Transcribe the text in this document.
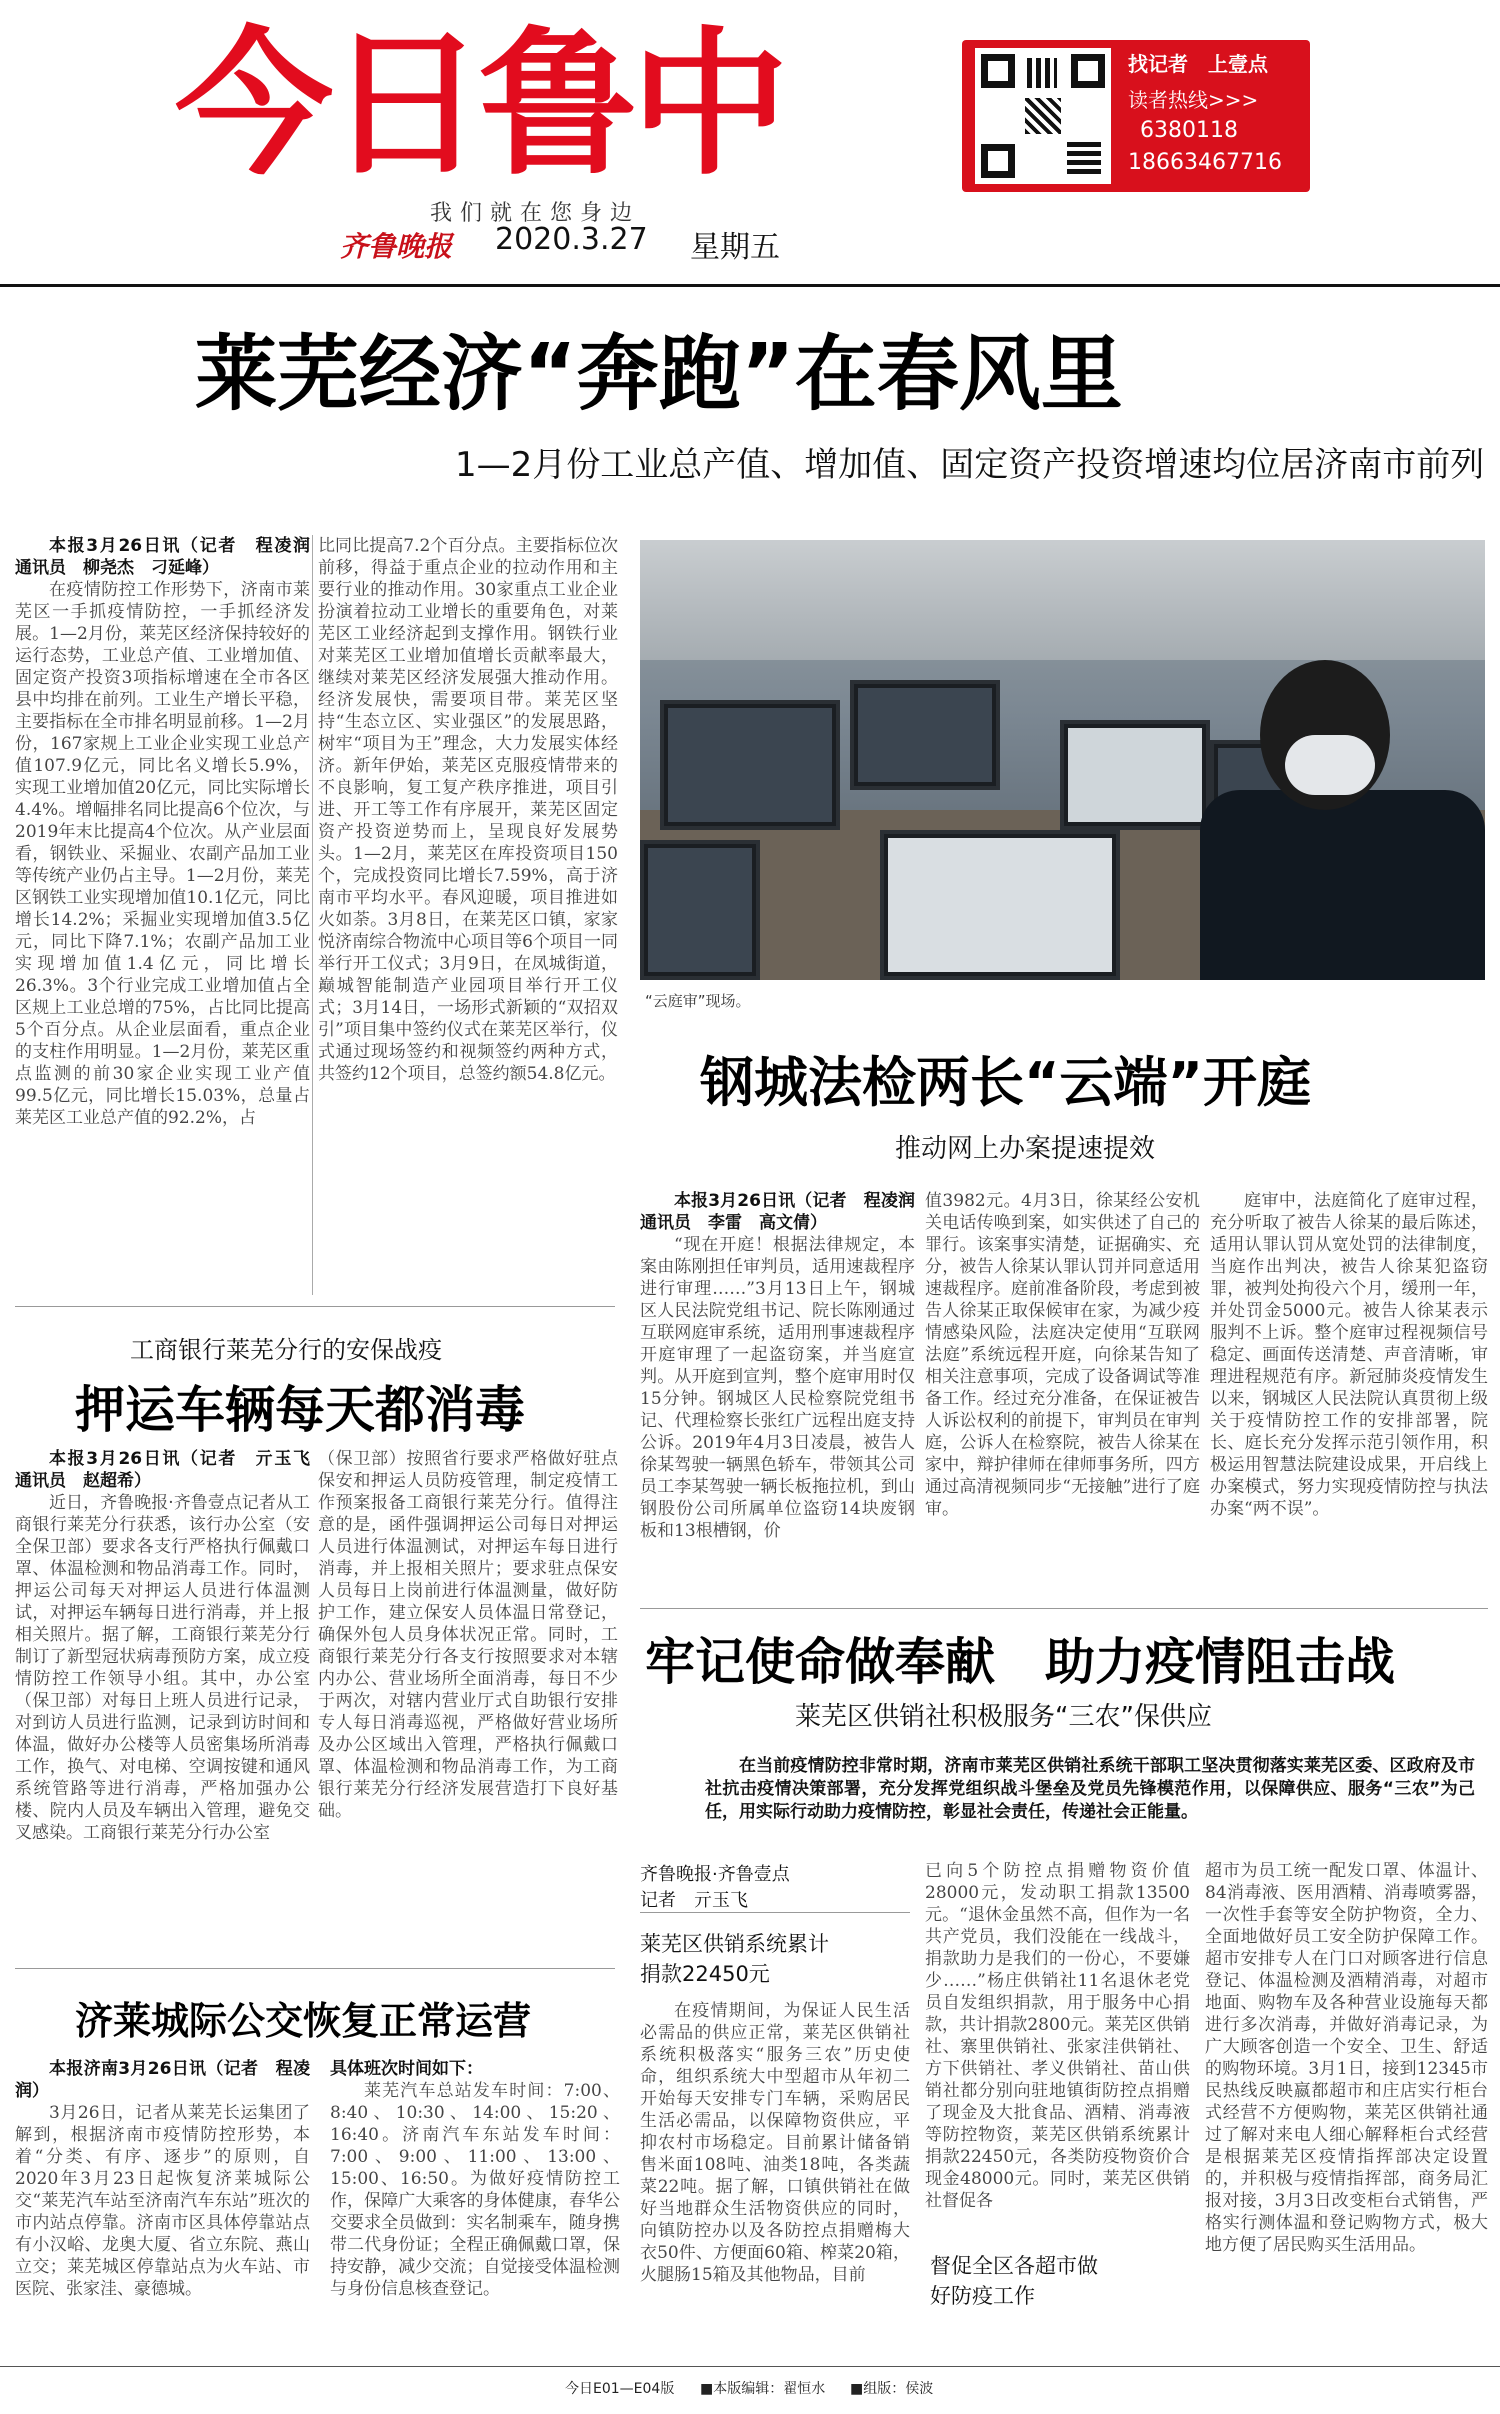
今日鲁中
我们就在您身边
齐鲁晚报 2020.3.27 星期五
找记者　上壹点
读者热线>>>
6380118
18663467716
莱芜经济“奔跑”在春风里
1—2月份工业总产值、增加值、固定资产投资增速均位居济南市前列

本报3月26日讯（记者　程凌润　通讯员　柳尧杰　刁延峰）

在疫情防控工作形势下，济南市莱芜区一手抓疫情防控，一手抓经济发展。1—2月份，莱芜区经济保持较好的运行态势，工业总产值、工业增加值、固定资产投资3项指标增速在全市各区县中均排在前列。工业生产增长平稳，主要指标在全市排名明显前移。1—2月份，167家规上工业企业实现工业总产值107.9亿元，同比名义增长5.9%，实现工业增加值20亿元，同比实际增长4.4%。增幅排名同比提高6个位次，与2019年末比提高4个位次。从产业层面看，钢铁业、采掘业、农副产品加工业等传统产业仍占主导。1—2月份，莱芜区钢铁工业实现增加值10.1亿元，同比增长14.2%；采掘业实现增加值3.5亿元，同比下降7.1%；农副产品加工业实现增加值1.4亿元，同比增长26.3%。3个行业完成工业增加值占全区规上工业总增的75%，占比同比提高5个百分点。从企业层面看，重点企业的支柱作用明显。1—2月份，莱芜区重点监测的前30家企业实现工业产值99.5亿元，同比增长15.03%，总量占莱芜区工业总产值的92.2%，占

比同比提高7.2个百分点。主要指标位次前移，得益于重点企业的拉动作用和主要行业的推动作用。30家重点工业企业扮演着拉动工业增长的重要角色，对莱芜区工业经济起到支撑作用。钢铁行业对莱芜区工业增加值增长贡献率最大，继续对莱芜区经济发展强大推动作用。经济发展快，需要项目带。莱芜区坚持“生态立区、实业强区”的发展思路，树牢“项目为王”理念，大力发展实体经济。新年伊始，莱芜区克服疫情带来的不良影响，复工复产秩序推进，项目引进、开工等工作有序展开，莱芜区固定资产投资逆势而上，呈现良好发展势头。1—2月，莱芜区在库投资项目150个，完成投资同比增长7.59%，高于济南市平均水平。春风迎暖，项目推进如火如荼。3月8日，在莱芜区口镇，家家悦济南综合物流中心项目等6个项目一同举行开工仪式；3月9日，在凤城街道，巅城智能制造产业园项目举行开工仪式；3月14日，一场形式新颖的“双招双引”项目集中签约仪式在莱芜区举行，仪式通过现场签约和视频签约两种方式，共签约12个项目，总签约额54.8亿元。

“云庭审”现场。
钢城法检两长“云端”开庭
推动网上办案提速提效

本报3月26日讯（记者　程凌润　通讯员　李雷　高文倩）

“现在开庭！根据法律规定，本案由陈刚担任审判员，适用速裁程序进行审理……”3月13日上午，钢城区人民法院党组书记、院长陈刚通过互联网庭审系统，适用刑事速裁程序开庭审理了一起盗窃案，并当庭宣判。从开庭到宣判，整个庭审用时仅15分钟。钢城区人民检察院党组书记、代理检察长张红广远程出庭支持公诉。2019年4月3日凌晨，被告人徐某驾驶一辆黑色轿车，带领其公司员工李某驾驶一辆长板拖拉机，到山钢股份公司所属单位盗窃14块废钢板和13根槽钢，价

值3982元。4月3日，徐某经公安机关电话传唤到案，如实供述了自己的罪行。该案事实清楚，证据确实、充分，被告人徐某认罪认罚并同意适用速裁程序。庭前准备阶段，考虑到被告人徐某正取保候审在家，为减少疫情感染风险，法庭决定使用“互联网法庭”系统远程开庭，向徐某告知了相关注意事项，完成了设备调试等准备工作。经过充分准备，在保证被告人诉讼权利的前提下，审判员在审判庭，公诉人在检察院，被告人徐某在家中，辩护律师在律师事务所，四方通过高清视频同步“无接触”进行了庭审。

庭审中，法庭简化了庭审过程，充分听取了被告人徐某的最后陈述，适用认罪认罚从宽处罚的法律制度，当庭作出判决，被告人徐某犯盗窃罪，被判处拘役六个月，缓刑一年，并处罚金5000元。被告人徐某表示服判不上诉。整个庭审过程视频信号稳定、画面传送清楚、声音清晰，审理进程规范有序。新冠肺炎疫情发生以来，钢城区人民法院认真贯彻上级关于疫情防控工作的安排部署，院长、庭长充分发挥示范引领作用，积极运用智慧法院建设成果，开启线上办案模式，努力实现疫情防控与执法办案“两不误”。

工商银行莱芜分行的安保战疫
押运车辆每天都消毒

本报3月26日讯（记者　亓玉飞　通讯员　赵超希）

近日，齐鲁晚报·齐鲁壹点记者从工商银行莱芜分行获悉，该行办公室（安全保卫部）要求各支行严格执行佩戴口罩、体温检测和物品消毒工作。同时，押运公司每天对押运人员进行体温测试，对押运车辆每日进行消毒，并上报相关照片。据了解，工商银行莱芜分行制订了新型冠状病毒预防方案，成立疫情防控工作领导小组。其中，办公室（保卫部）对每日上班人员进行记录，对到访人员进行监测，记录到访时间和体温，做好办公楼等人员密集场所消毒工作，换气、对电梯、空调按键和通风系统管路等进行消毒，严格加强办公楼、院内人员及车辆出入管理，避免交叉感染。工商银行莱芜分行办公室

（保卫部）按照省行要求严格做好驻点保安和押运人员防疫管理，制定疫情工作预案报备工商银行莱芜分行。值得注意的是，函件强调押运公司每日对押运人员进行体温测试，对押运车每日进行消毒，并上报相关照片；要求驻点保安人员每日上岗前进行体温测量，做好防护工作，建立保安人员体温日常登记，确保外包人员身体状况正常。同时，工商银行莱芜分行各支行按照要求对本辖内办公、营业场所全面消毒，每日不少于两次，对辖内营业厅式自助银行安排专人每日消毒巡视，严格做好营业场所及办公区域出入管理，严格执行佩戴口罩、体温检测和物品消毒工作，为工商银行莱芜分行经济发展营造打下良好基础。

济莱城际公交恢复正常运营

本报济南3月26日讯（记者　程凌润）

3月26日，记者从莱芜长运集团了解到，根据济南市疫情防控形势，本着“分类、有序、逐步”的原则，自2020年3月23日起恢复济莱城际公交“莱芜汽车站至济南汽车东站”班次的市内站点停靠。济南市区具体停靠站点有小汉峪、龙奥大厦、省立东院、燕山立交；莱芜城区停靠站点为火车站、市医院、张家洼、豪德城。

具体班次时间如下：

莱芜汽车总站发车时间：7:00、8:40、10:30、14:00、15:20、16:40。济南汽车东站发车时间：7:00、9:00、11:00、13:00、15:00、16:50。为做好疫情防控工作，保障广大乘客的身体健康，春华公交要求全员做到：实名制乘车，随身携带二代身份证；全程正确佩戴口罩，保持安静，减少交流；自觉接受体温检测与身份信息核查登记。

牢记使命做奉献　助力疫情阻击战
莱芜区供销社积极服务“三农”保供应

在当前疫情防控非常时期，济南市莱芜区供销社系统干部职工坚决贯彻落实莱芜区委、区政府及市社抗击疫情决策部署，充分发挥党组织战斗堡垒及党员先锋模范作用，以保障供应、服务“三农”为己任，用实际行动助力疫情防控，彰显社会责任，传递社会正能量。

齐鲁晚报·齐鲁壹点
记者　亓玉飞
莱芜区供销系统累计捐款22450元

在疫情期间，为保证人民生活必需品的供应正常，莱芜区供销社系统积极落实“服务三农”历史使命，组织系统大中型超市从年初二开始每天安排专门车辆，采购居民生活必需品，以保障物资供应，平抑农村市场稳定。目前累计储备销售米面108吨、油类18吨，各类蔬菜22吨。据了解，口镇供销社在做好当地群众生活物资供应的同时，向镇防控办以及各防控点捐赠梅大衣50件、方便面60箱、榨菜20箱，火腿肠15箱及其他物品，目前

已向5个防控点捐赠物资价值28000元，发动职工捐款13500元。“退休金虽然不高，但作为一名共产党员，我们没能在一线战斗，捐款助力是我们的一份心，不要嫌少……”杨庄供销社11名退休老党员自发组织捐款，用于服务中心捐款，共计捐款2800元。莱芜区供销社、寨里供销社、张家洼供销社、方下供销社、孝义供销社、苗山供销社都分别向驻地镇街防控点捐赠了现金及大批食品、酒精、消毒液等防控物资，莱芜区供销系统累计捐款22450元，各类防疫物资价合现金48000元。同时，莱芜区供销社督促各

督促全区各超市做好防疫工作

超市为员工统一配发口罩、体温计、84消毒液、医用酒精、消毒喷雾器，一次性手套等安全防护物资，全力、全面地做好员工安全防护保障工作。超市安排专人在门口对顾客进行信息登记、体温检测及酒精消毒，对超市地面、购物车及各种营业设施每天都进行多次消毒，并做好消毒记录，为广大顾客创造一个安全、卫生、舒适的购物环境。3月1日，接到12345市民热线反映嬴都超市和庄店实行柜台式经营不方便购物，莱芜区供销社通过了解对来电人细心解释柜台式经营是根据莱芜区疫情指挥部决定设置的，并积极与疫情指挥部，商务局汇报对接，3月3日改变柜台式销售，严格实行测体温和登记购物方式，极大地方便了居民购买生活用品。

今日E01—E04版 ■本版编辑：翟恒水 ■组版：侯波
